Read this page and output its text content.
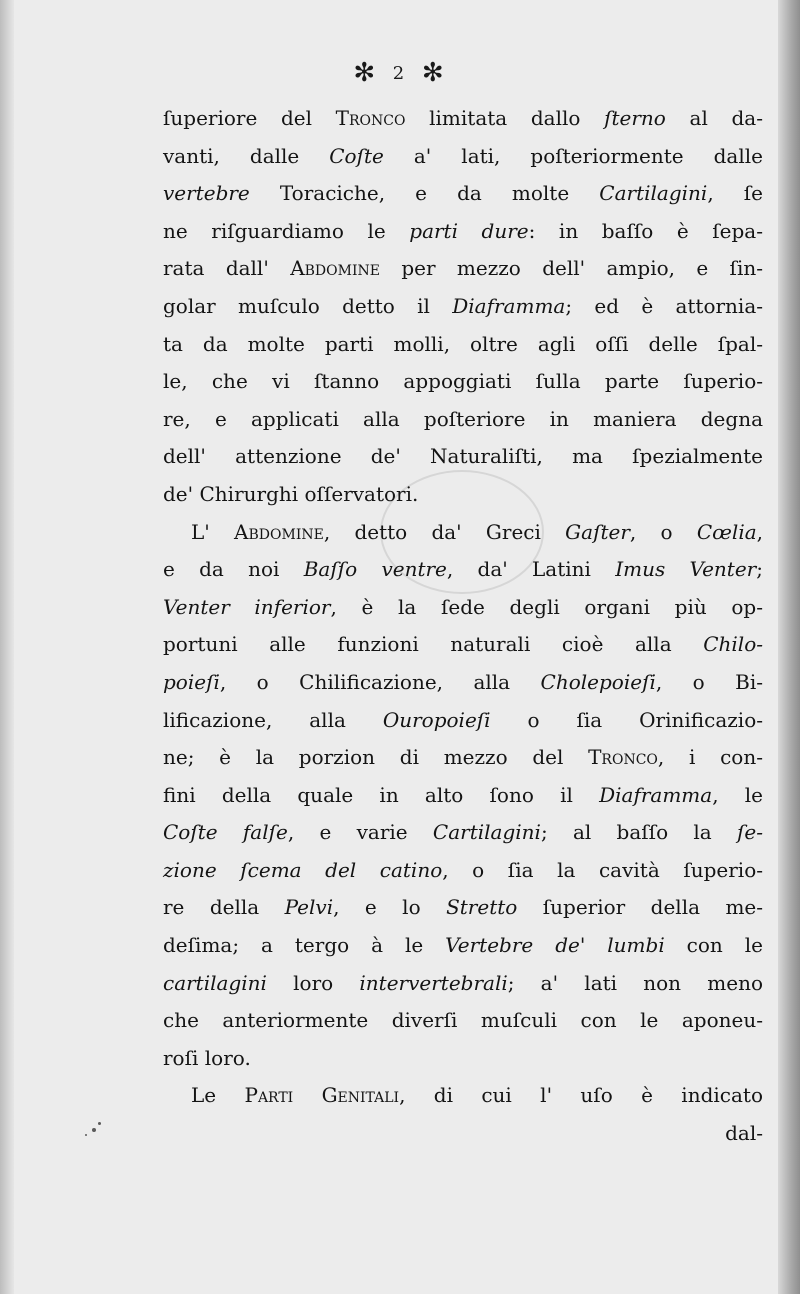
✻ 2 ✻
ſuperiore del Tronco limitata dallo ſterno al da-
vanti, dalle Coſte a' lati, poſteriormente dalle
vertebre Toraciche, e da molte Cartilagini, ſe
ne riſguardiamo le parti dure: in baſſo è ſepa-
rata dall' Abdomine per mezzo dell' ampio, e ſin-
golar muſculo detto il Diaframma; ed è attornia-
ta da molte parti molli, oltre agli oſſi delle ſpal-
le, che vi ſtanno appoggiati ſulla parte ſuperio-
re, e applicati alla poſteriore in maniera degna
dell' attenzione de' Naturaliſti, ma ſpezialmente
de' Chirurghi oſſervatori.
L' Abdomine, detto da' Greci Gaſter, o Cœlia,
e da noi Baſſo ventre, da' Latini Imus Venter;
Venter inferior, è la ſede degli organi più op-
portuni alle funzioni naturali cioè alla Chilo-
poieſi, o Chilificazione, alla Cholepoieſi, o Bi-
lificazione, alla Ouropoieſi o ſia Orinificazio-
ne; è la porzion di mezzo del Tronco, i con-
fini della quale in alto ſono il Diaframma, le
Coſte falſe, e varie Cartilagini; al baſſo la ſe-
zione ſcema del catino, o ſia la cavità ſuperio-
re della Pelvi, e lo Stretto ſuperior della me-
deſima; a tergo à le Vertebre de' lumbi con le
cartilagini loro intervertebrali; a' lati non meno
che anteriormente diverſi muſculi con le aponeu-
roſi loro.
Le Parti Genitali, di cui l' uſo è indicato
dal-
